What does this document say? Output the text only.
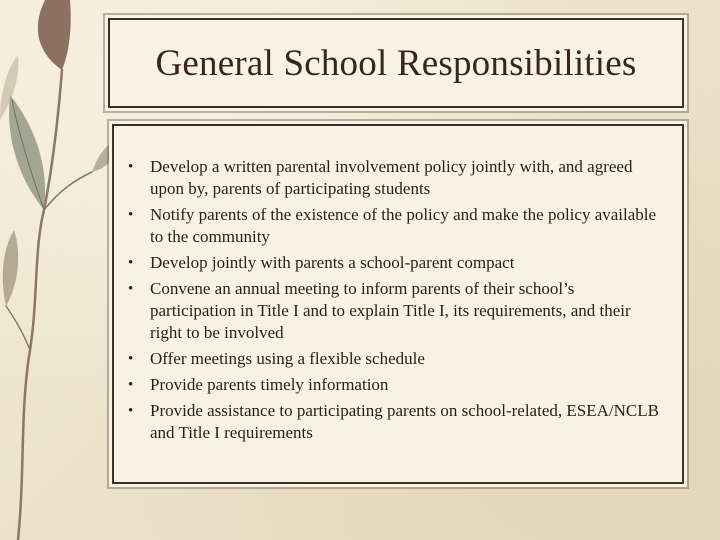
General School Responsibilities
• Develop a written parental involvement policy jointly with, and agreed upon by, parents of participating students
• Notify parents of the existence of the policy and make the policy available to the community
• Develop jointly with parents a school-parent compact
• Convene an annual meeting to inform parents of their school’s participation in Title I and to explain Title I, its requirements, and their right to be involved
• Offer meetings using a flexible schedule
• Provide parents timely information
• Provide assistance to participating parents on school-related, ESEA/NCLB and Title I requirements
